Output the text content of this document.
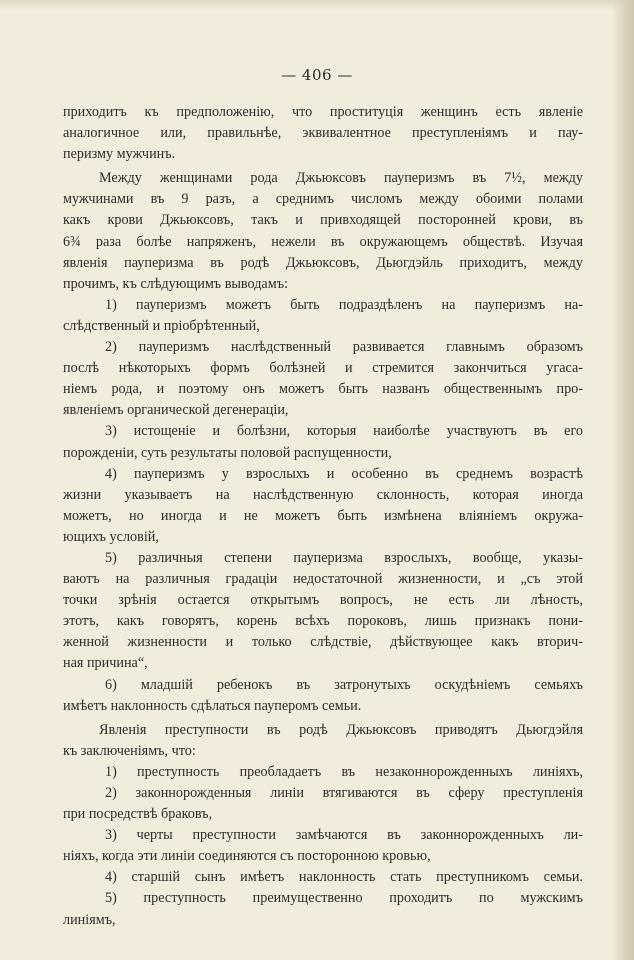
— 406 —
приходитъ къ предположенію, что проституція женщинъ есть явленіе
аналогичное или, правильнѣе, эквивалентное преступленіямъ и пау-
перизму мужчинъ.
Между женщинами рода Джьюксовъ пауперизмъ въ 7½, между
мужчинами въ 9 разъ, а среднимъ числомъ между обоими полами
какъ крови Джьюксовъ, такъ и привходящей посторонней крови, въ
6¾ раза болѣе напряженъ, нежели въ окружающемъ обществѣ. Изучая
явленія пауперизма въ родѣ Джьюксовъ, Дьюгдэйль приходитъ, между
прочимъ, къ слѣдующимъ выводамъ:
1) пауперизмъ можетъ быть подраздѣленъ на пауперизмъ на-
слѣдственный и пріобрѣтенный,
2) пауперизмъ наслѣдственный развивается главнымъ образомъ
послѣ нѣкоторыхъ формъ болѣзней и стремится закончиться угаса-
ніемъ рода, и поэтому онъ можетъ быть названъ общественнымъ про-
явленіемъ органической дегенераціи,
3) истощеніе и болѣзни, которыя наиболѣе участвуютъ въ его
порожденіи, суть результаты половой распущенности,
4) пауперизмъ у взрослыхъ и особенно въ среднемъ возрастѣ
жизни указываетъ на наслѣдственную склонность, которая иногда
можетъ, но иногда и не можетъ быть измѣнена вліяніемъ окружа-
ющихъ условій,
5) различныя степени пауперизма взрослыхъ, вообще, указы-
ваютъ на различныя градаціи недостаточной жизненности, и „съ этой
точки зрѣнія остается открытымъ вопросъ, не есть ли лѣность,
этотъ, какъ говорятъ, корень всѣхъ пороковъ, лишь признакъ пони-
женной жизненности и только слѣдствіе, дѣйствующее какъ вторич-
ная причина“,
6) младшій ребенокъ въ затронутыхъ оскудѣніемъ семьяхъ
имѣетъ наклонность сдѣлаться пауперомъ семьи.
Явленія преступности въ родѣ Джьюксовъ приводятъ Дьюгдэйля
къ заключеніямъ, что:
1) преступность преобладаетъ въ незаконнорожденныхъ линіяхъ,
2) законнорожденныя линіи втягиваются въ сферу преступленія
при посредствѣ браковъ,
3) черты преступности замѣчаются въ законнорожденныхъ ли-
ніяхъ, когда эти линіи соединяются съ посторонною кровью,
4) старшій сынъ имѣетъ наклонность стать преступникомъ семьи.
5) преступность преимущественно проходитъ по мужскимъ
линіямъ,
